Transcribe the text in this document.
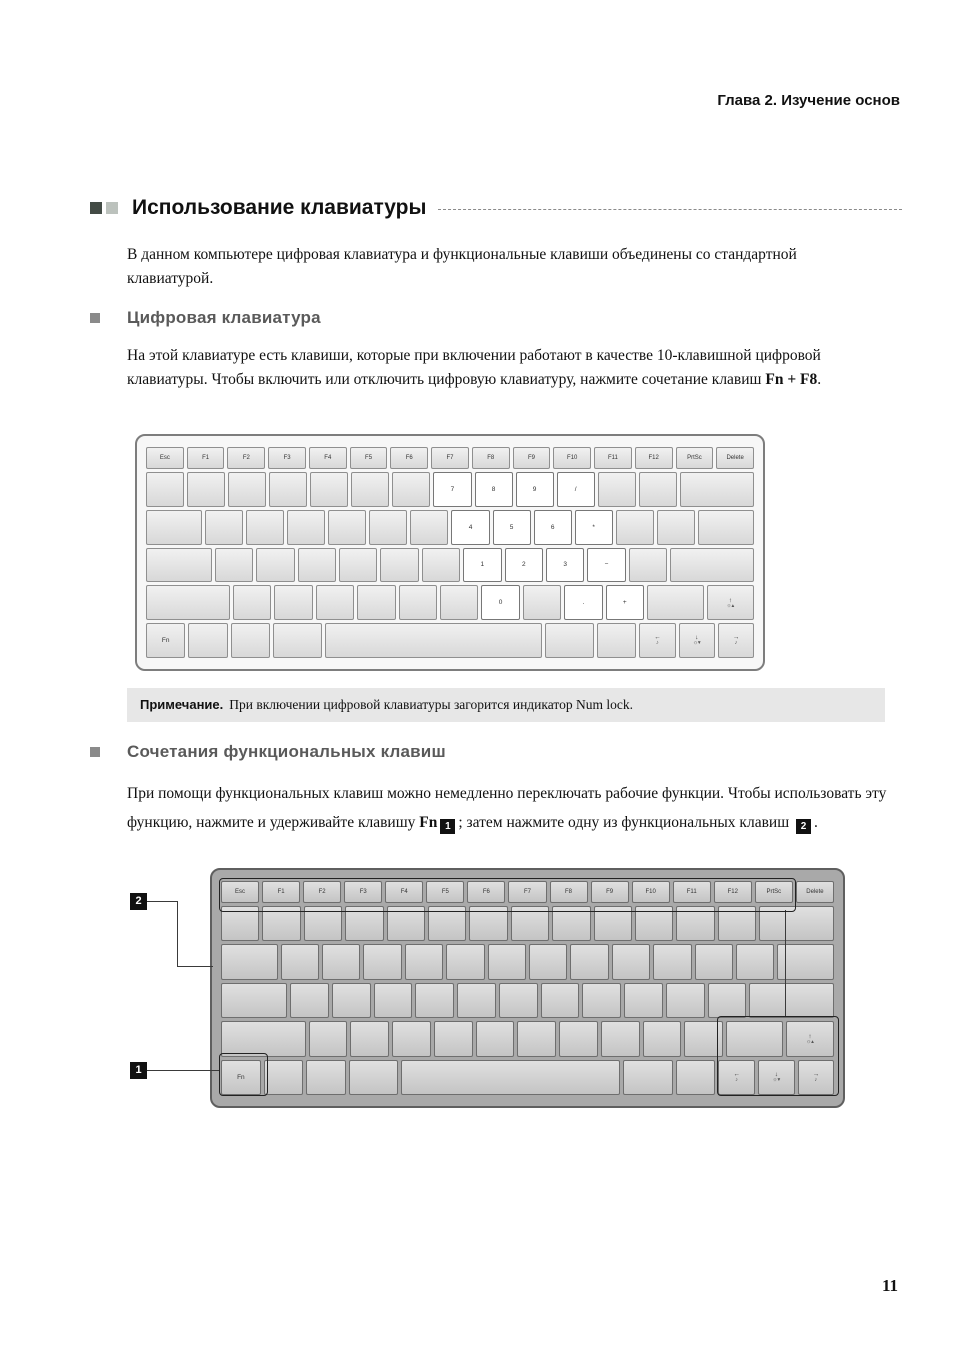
Глава 2. Изучение основ
Использование клавиатуры

В данном компьютере цифровая клавиатура и функциональные клавиши объединены со стандартной клавиатурой.

Цифровая клавиатура

На этой клавиатуре есть клавиши, которые при включении работают в качестве 10-клавишной цифровой клавиатуры. Чтобы включить или отключить цифровую клавиатуру, нажмите сочетание клавиш Fn + F8.

Esc	F1	F2	F3	F4	F5	F6	F7	F8	F9	F10	F11	F12	PrtSc	Delete
7	8	9	/
4	5	6	*
1	2	3	−
0	.	+	↑
☼▴
Fn	←
♪
↓
☼▾
→
♪
Примечание. При включении цифровой клавиатуры загорится индикатор Num lock.
Сочетания функциональных клавиш

При помощи функциональных клавиш можно немедленно переключать рабочие функции. Чтобы использовать эту функцию, нажмите и удерживайте клавишу Fn 1 ; затем нажмите одну из функциональных клавиш 2 .

Esc	F1	F2	F3	F4	F5	F6	F7	F8	F9	F10	F11	F12	PrtSc	Delete
↑
☼▴
Fn	←
♪
↓
☼▾
→
♪
2
1
11
